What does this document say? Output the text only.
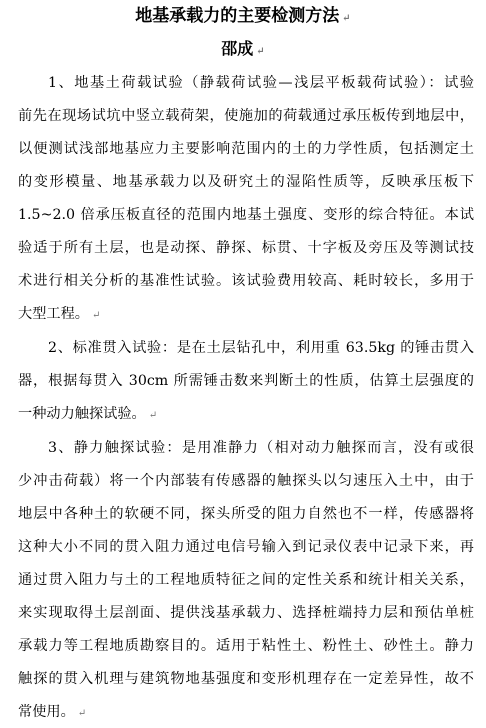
地基承载力的主要检测方法 ↵
邵成 ↵
1、地基土荷载试验（静载荷试验—浅层平板载荷试验）：试验
前先在现场试坑中竖立载荷架，使施加的荷载通过承压板传到地层中，
以便测试浅部地基应力主要影响范围内的土的力学性质，包括测定土
的变形模量、地基承载力以及研究土的湿陷性质等，反映承压板下
1.5~2.0 倍承压板直径的范围内地基土强度、变形的综合特征。本试
验适于所有土层，也是动探、静探、标贯、十字板及旁压及等测试技
术进行相关分析的基准性试验。该试验费用较高、耗时较长，多用于
大型工程。 ↵
2、标准贯入试验：是在土层钻孔中，利用重 63.5kg 的锤击贯入
器，根据每贯入 30cm 所需锤击数来判断土的性质，估算土层强度的
一种动力触探试验。 ↵
3、静力触探试验：是用准静力（相对动力触探而言，没有或很
少冲击荷载）将一个内部装有传感器的触探头以匀速压入土中，由于
地层中各种土的软硬不同，探头所受的阻力自然也不一样，传感器将
这种大小不同的贯入阻力通过电信号输入到记录仪表中记录下来，再
通过贯入阻力与土的工程地质特征之间的定性关系和统计相关关系，
来实现取得土层剖面、提供浅基承载力、选择桩端持力层和预估单桩
承载力等工程地质勘察目的。适用于粘性土、粉性土、砂性土。静力
触探的贯入机理与建筑物地基强度和变形机理存在一定差异性，故不
常使用。 ↵
